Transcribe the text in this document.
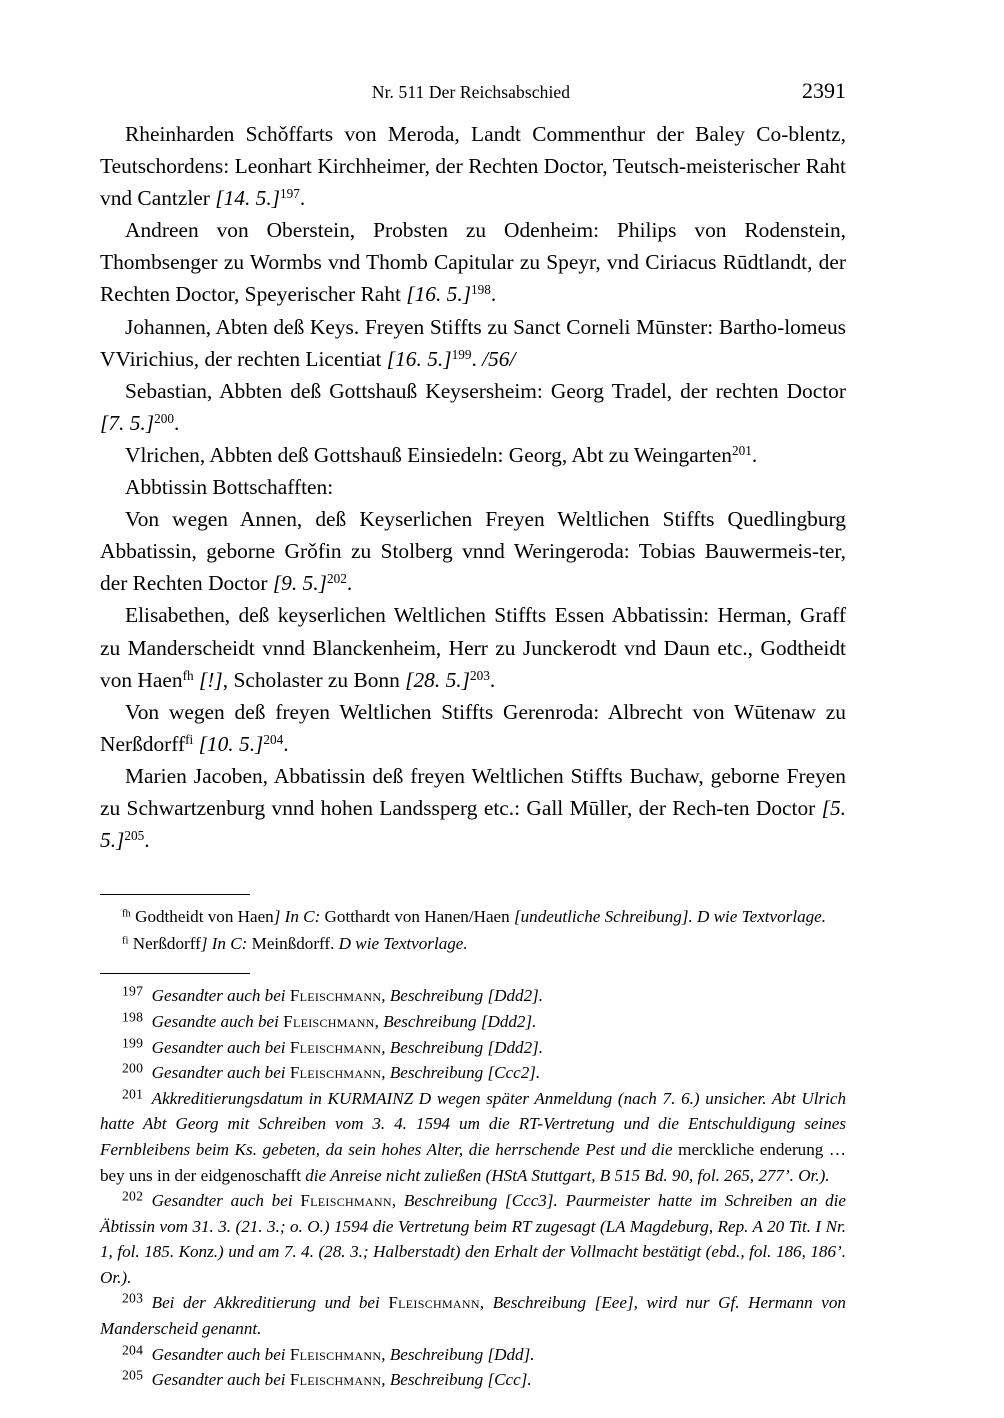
Nr. 511 Der Reichsabschied	2391

Rheinharden Schǒffarts von Meroda, Landt Commenthur der Baley Co-blentz, Teutschordens: Leonhart Kirchheimer, der Rechten Doctor, Teutsch-meisterischer Raht vnd Cantzler [14. 5.]$^{197}$.

Andreen von Oberstein, Probsten zu Odenheim: Philips von Rodenstein, Thombsenger zu Wormbs vnd Thomb Capitular zu Speyr, vnd Ciriacus Rūdtlandt, der Rechten Doctor, Speyerischer Raht [16. 5.]$^{198}$.

Johannen, Abten deß Keys. Freyen Stiffts zu Sanct Corneli Mūnster: Bartho-lomeus VVirichius, der rechten Licentiat [16. 5.]$^{199}$. /56/

Sebastian, Abbten deß Gottshauß Keysersheim: Georg Tradel, der rechten Doctor [7. 5.]$^{200}$.

Vlrichen, Abbten deß Gottshauß Einsiedeln: Georg, Abt zu Weingarten$^{201}$.

Abbtissin Bottschafften:

Von wegen Annen, deß Keyserlichen Freyen Weltlichen Stiffts Quedlingburg Abbatissin, geborne Grǒfin zu Stolberg vnnd Weringeroda: Tobias Bauwermeis-ter, der Rechten Doctor [9. 5.]$^{202}$.

Elisabethen, deß keyserlichen Weltlichen Stiffts Essen Abbatissin: Herman, Graff zu Manderscheidt vnnd Blanckenheim, Herr zu Junckerodt vnd Daun etc., Godtheidt von Haen$^{fh}$ [!], Scholaster zu Bonn [28. 5.]$^{203}$.

Von wegen deß freyen Weltlichen Stiffts Gerenroda: Albrecht von Wūtenaw zu Nerßdorff$^{fi}$ [10. 5.]$^{204}$.

Marien Jacoben, Abbatissin deß freyen Weltlichen Stiffts Buchaw, geborne Freyen zu Schwartzenburg vnnd hohen Landssperg etc.: Gall Mūller, der Rech-ten Doctor [5. 5.]$^{205}$.

$^{fh}$ Godtheidt von Haen] In C: Gotthardt von Hanen/Haen [undeutliche Schreibung]. D wie Textvorlage.

$^{fi}$ Nerßdorff] In C: Meinßdorff. D wie Textvorlage.

$^{197}$  Gesandter auch bei Fleischmann, Beschreibung [Ddd2].

$^{198}$  Gesandte auch bei Fleischmann, Beschreibung [Ddd2].

$^{199}$  Gesandter auch bei Fleischmann, Beschreibung [Ddd2].

$^{200}$  Gesandter auch bei Fleischmann, Beschreibung [Ccc2].

$^{201}$  Akkreditierungsdatum in KURMAINZ D wegen später Anmeldung (nach 7. 6.) unsicher. Abt Ulrich hatte Abt Georg mit Schreiben vom 3. 4. 1594 um die RT-Vertretung und die Entschuldigung seines Fernbleibens beim Ks. gebeten, da sein hohes Alter, die herrschende Pest und die merckliche enderung … bey uns in der eidgenoschafft die Anreise nicht zuließen (HStA Stuttgart, B 515 Bd. 90, fol. 265, 277’. Or.).

$^{202}$  Gesandter auch bei Fleischmann, Beschreibung [Ccc3]. Paurmeister hatte im Schreiben an die Äbtissin vom 31. 3. (21. 3.; o. O.) 1594 die Vertretung beim RT zugesagt (LA Magdeburg, Rep. A 20 Tit. I Nr. 1, fol. 185. Konz.) und am 7. 4. (28. 3.; Halberstadt) den Erhalt der Vollmacht bestätigt (ebd., fol. 186, 186’. Or.).

$^{203}$  Bei der Akkreditierung und bei Fleischmann, Beschreibung [Eee], wird nur Gf. Hermann von Manderscheid genannt.

$^{204}$  Gesandter auch bei Fleischmann, Beschreibung [Ddd].

$^{205}$  Gesandter auch bei Fleischmann, Beschreibung [Ccc].
